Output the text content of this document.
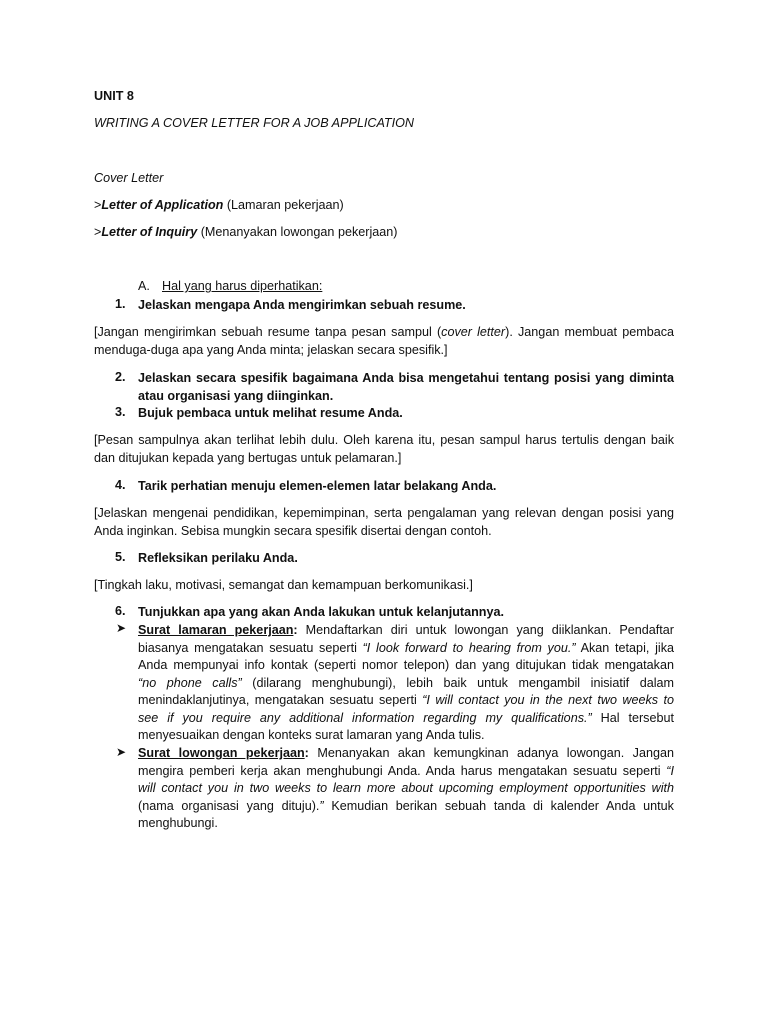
UNIT 8

WRITING A COVER LETTER FOR A JOB APPLICATION

Cover Letter

>Letter of Application (Lamaran pekerjaan)

>Letter of Inquiry (Menanyakan lowongan pekerjaan)

A. Hal yang harus diperhatikan:
1. Jelaskan mengapa Anda mengirimkan sebuah resume.

[Jangan mengirimkan sebuah resume tanpa pesan sampul (cover letter). Jangan membuat pembaca
menduga-duga apa yang Anda minta; jelaskan secara spesifik.]
2. Jelaskan secara spesifik bagaimana Anda bisa mengetahui tentang posisi yang diminta
atau organisasi yang diinginkan.
3. Bujuk pembaca untuk melihat resume Anda.

[Pesan sampulnya akan terlihat lebih dulu. Oleh karena itu, pesan sampul harus tertulis dengan baik
dan ditujukan kepada yang bertugas untuk pelamaran.]
4. Tarik perhatian menuju elemen-elemen latar belakang Anda.

[Jelaskan mengenai pendidikan, kepemimpinan, serta pengalaman yang relevan dengan posisi yang
Anda inginkan. Sebisa mungkin secara spesifik disertai dengan contoh.
5. Refleksikan perilaku Anda.

[Tingkah laku, motivasi, semangat dan kemampuan berkomunikasi.]

6. Tunjukkan apa yang akan Anda lakukan untuk kelanjutannya.

➤ Surat lamaran pekerjaan: Mendaftarkan diri untuk lowongan yang diiklankan. Pendaftar
biasanya mengatakan sesuatu seperti “I look forward to hearing from you.” Akan tetapi, jika
Anda mempunyai info kontak (seperti nomor telepon) dan yang ditujukan tidak mengatakan
“no phone calls” (dilarang menghubungi), lebih baik untuk mengambil inisiatif dalam
menindaklanjutinya, mengatakan sesuatu seperti “I will contact you in the next two weeks to
see if you require any additional information regarding my qualifications.” Hal tersebut
menyesuaikan dengan konteks surat lamaran yang Anda tulis.
➤ Surat lowongan pekerjaan: Menanyakan akan kemungkinan adanya lowongan. Jangan
mengira pemberi kerja akan menghubungi Anda. Anda harus mengatakan sesuatu seperti “I
will contact you in two weeks to learn more about upcoming employment opportunities with
(nama organisasi yang dituju).” Kemudian berikan sebuah tanda di kalender Anda untuk
menghubungi.
